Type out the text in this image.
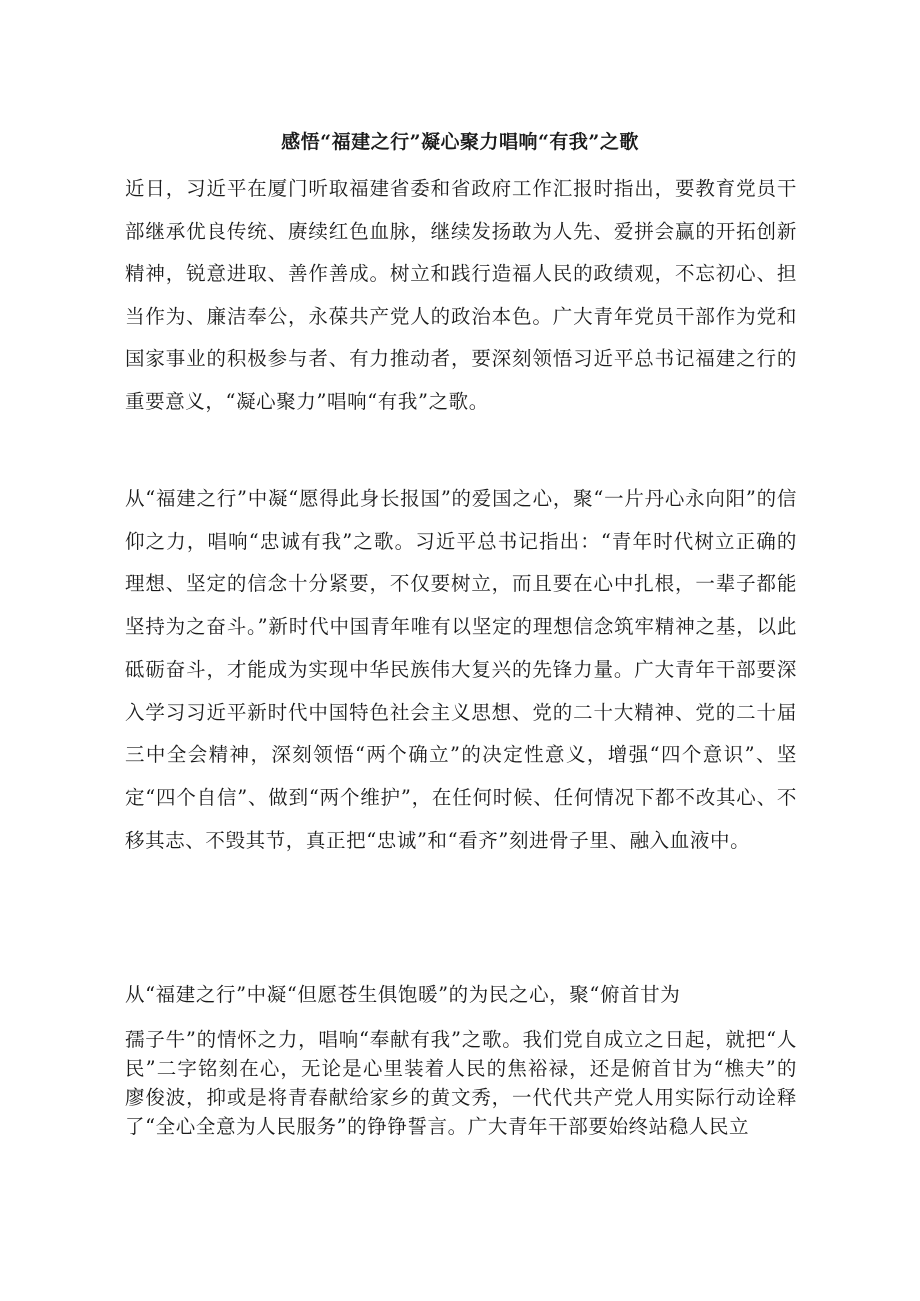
感悟“福建之行”凝心聚力唱响“有我”之歌

近日，习近平在厦门听取福建省委和省政府工作汇报时指出，要教育党员干部继承优良传统、赓续红色血脉，继续发扬敢为人先、爱拼会赢的开拓创新精神，锐意进取、善作善成。树立和践行造福人民的政绩观，不忘初心、担当作为、廉洁奉公，永葆共产党人的政治本色。广大青年党员干部作为党和国家事业的积极参与者、有力推动者，要深刻领悟习近平总书记福建之行的重要意义，“凝心聚力”唱响“有我”之歌。

从“福建之行”中凝“愿得此身长报国”的爱国之心，聚“一片丹心永向阳”的信仰之力，唱响“忠诚有我”之歌。习近平总书记指出：“青年时代树立正确的理想、坚定的信念十分紧要，不仅要树立，而且要在心中扎根，一辈子都能坚持为之奋斗。”新时代中国青年唯有以坚定的理想信念筑牢精神之基，以此砥砺奋斗，才能成为实现中华民族伟大复兴的先锋力量。广大青年干部要深入学习习近平新时代中国特色社会主义思想、党的二十大精神、党的二十届三中全会精神，深刻领悟“两个确立”的决定性意义，增强“四个意识”、坚定“四个自信”、做到“两个维护”，在任何时候、任何情况下都不改其心、不移其志、不毁其节，真正把“忠诚”和“看齐”刻进骨子里、融入血液中。

从“福建之行”中凝“但愿苍生俱饱暖”的为民之心，聚“俯首甘为

孺子牛”的情怀之力，唱响“奉献有我”之歌。我们党自成立之日起，就把“人民”二字铭刻在心，无论是心里装着人民的焦裕禄，还是俯首甘为“樵夫”的廖俊波，抑或是将青春献给家乡的黄文秀，一代代共产党人用实际行动诠释了“全心全意为人民服务”的铮铮誓言。广大青年干部要始终站稳人民立
